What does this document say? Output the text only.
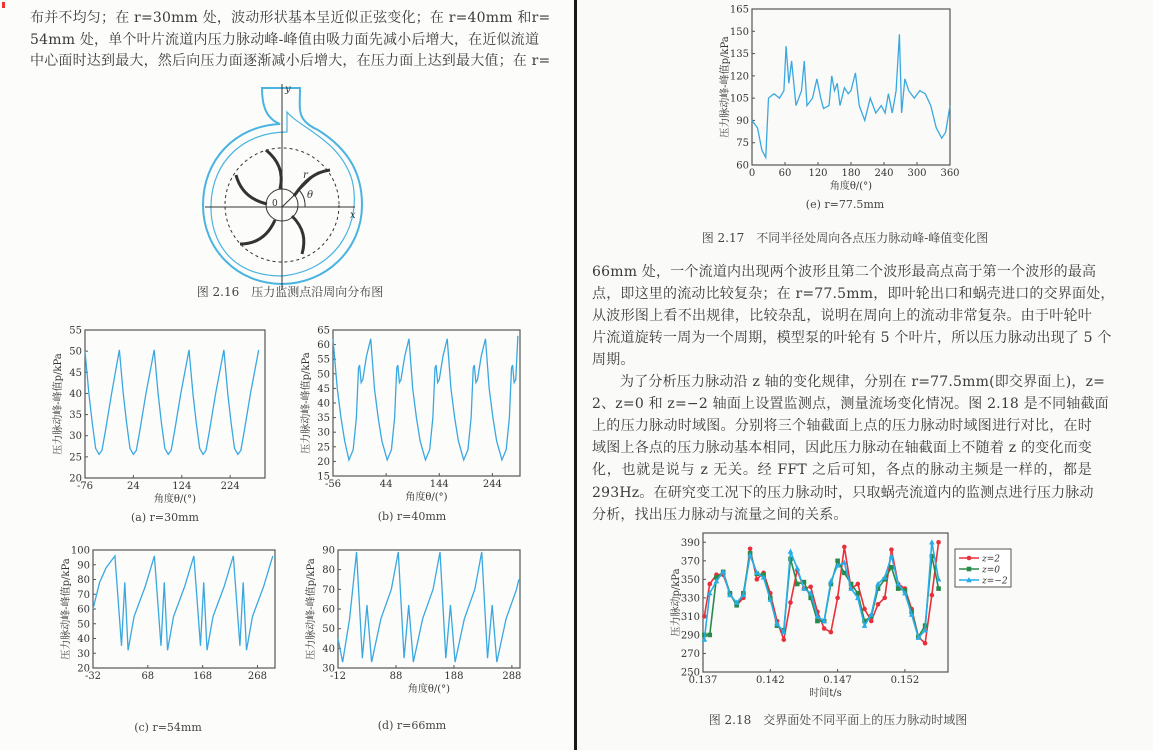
布并不均匀；在 r=30mm 处，波动形状基本呈近似正弦变化；在 r=40mm 和r=
54mm 处，单个叶片流道内压力脉动峰-峰值由吸力面先减小后增大，在近似流道
中心面时达到最大，然后向压力面逐渐减小后增大，在压力面上达到最大值；在 r=
图 2.16　压力监测点沿周向分布图
(a) r=30mm	(b) r=40mm
(c) r=54mm	(d) r=66mm
(e) r=77.5mm
图 2.17　不同半径处周向各点压力脉动峰-峰值变化图
66mm 处，一个流道内出现两个波形且第二个波形最高点高于第一个波形的最高
点，即这里的流动比较复杂；在 r=77.5mm，即叶轮出口和蜗壳进口的交界面处，
从波形图上看不出规律，比较杂乱，说明在周向上的流动非常复杂。由于叶轮叶
片流道旋转一周为一个周期，模型泵的叶轮有 5 个叶片，所以压力脉动出现了 5 个
周期。
为了分析压力脉动沿 z 轴的变化规律，分别在 r=77.5mm(即交界面上)，z=
2、z=0 和 z=−2 轴面上设置监测点，测量流场变化情况。图 2.18 是不同轴截面
上的压力脉动时域图。分别将三个轴截面上点的压力脉动时域图进行对比，在时
域图上各点的压力脉动基本相同，因此压力脉动在轴截面上不随着 z 的变化而变
化，也就是说与 z 无关。经 FFT 之后可知，各点的脉动主频是一样的，都是
293Hz。在研究变工况下的压力脉动时，只取蜗壳流道内的监测点进行压力脉动
分析，找出压力脉动与流量之间的关系。
图 2.18　交界面处不同平面上的压力脉动时域图
y
x
r
θ
0
20
25
30
35
40
45
50
55
-76	24	124	224
角度θ/(°)
压力脉动峰-峰值p/kPa
15
20
25
30
35
40
45
50
55
60
65
-56	44	144	244
角度θ/(°)
压力脉动峰-峰值p/kPa
20
30
40
50
60
70
80
90
100
-32	68	168	268
压力脉动峰-峰值p/kPa
30
40
50
60
70
80
90
-12	88	188	288
角度θ/(°)
压力脉动峰-峰值p/kPa
60
75
90
105
120
135
150
165
0 60 120 180 240 300 360
角度θ/(°)
压力脉动峰-峰值p/kPa
250
270
290
310
330
350
370
390
0.137	0.142	0.147	0.152
时间t/s
压力脉动p/kPa
z=2
z=0
z=−2
